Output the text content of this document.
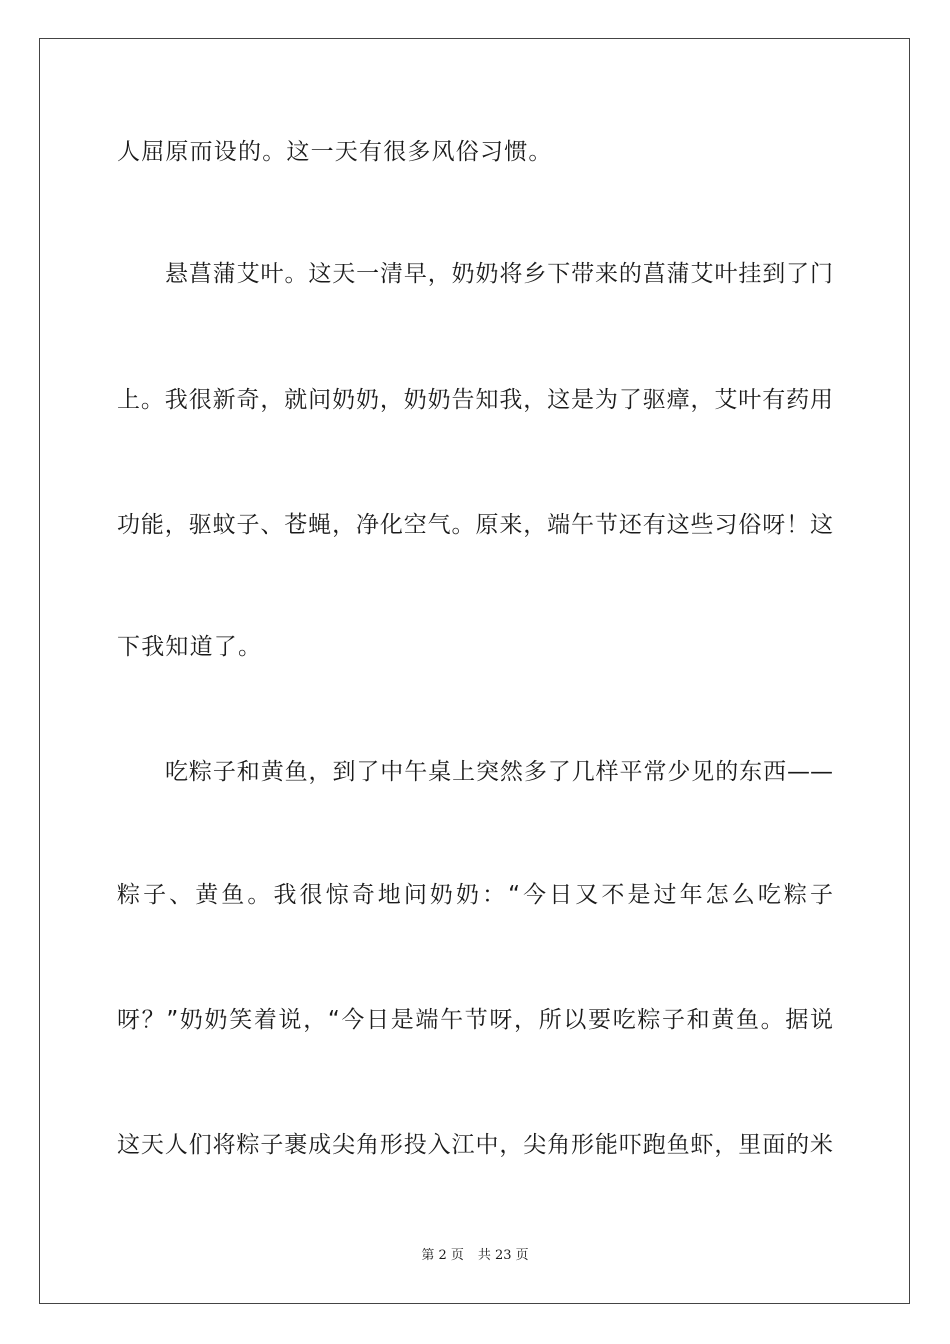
人屈原而设的。这一天有很多风俗习惯。
悬菖蒲艾叶。这天一清早，奶奶将乡下带来的菖蒲艾叶挂到了门
上。我很新奇，就问奶奶，奶奶告知我，这是为了驱瘴，艾叶有药用
功能，驱蚊子、苍蝇，净化空气。原来，端午节还有这些习俗呀！这
下我知道了。
吃粽子和黄鱼，到了中午桌上突然多了几样平常少见的东西——
粽子、黄鱼。我很惊奇地问奶奶：“今日又不是过年怎么吃粽子
呀？”奶奶笑着说，“今日是端午节呀，所以要吃粽子和黄鱼。据说
这天人们将粽子裹成尖角形投入江中，尖角形能吓跑鱼虾，里面的米
第 2 页 共 23 页
